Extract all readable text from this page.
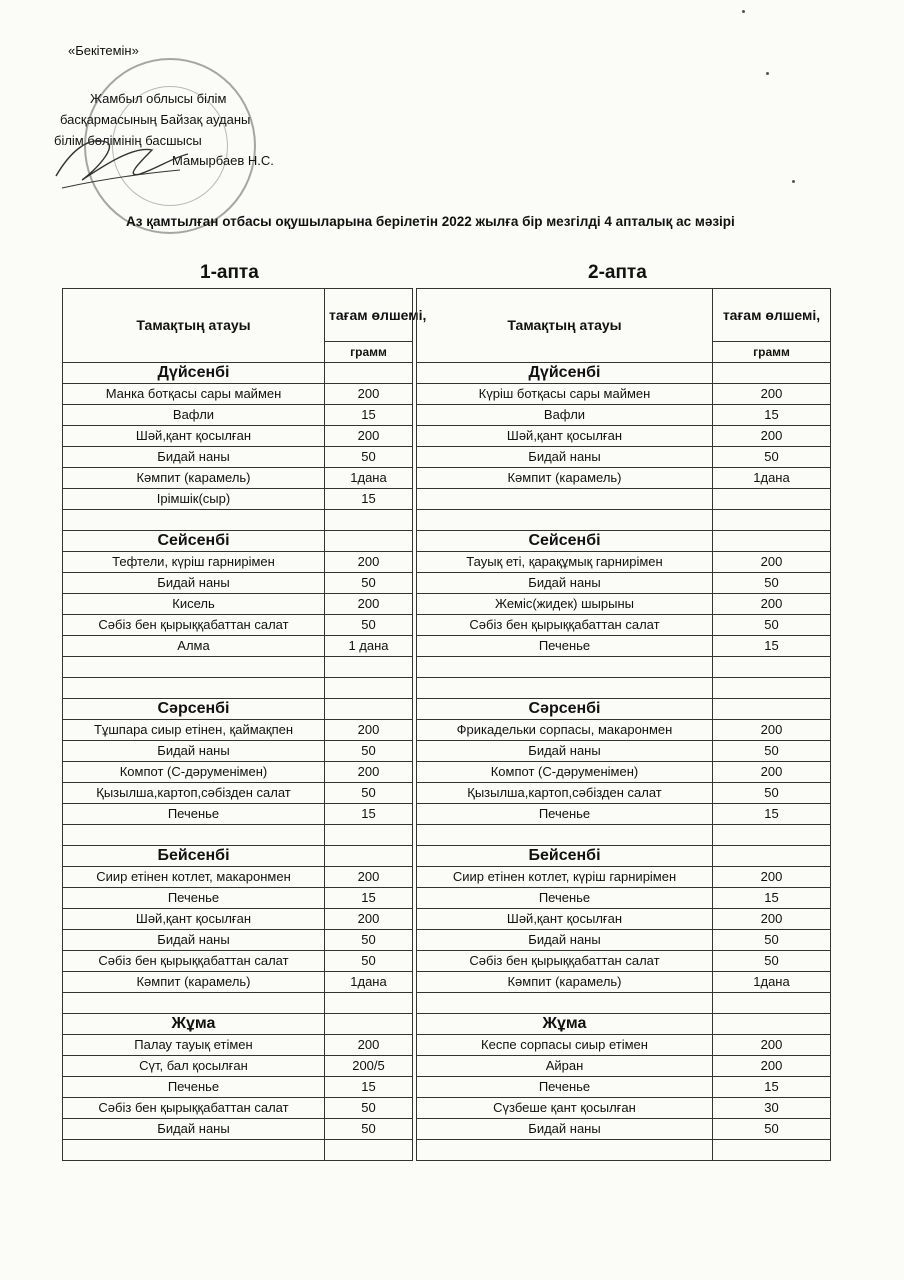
«Бекітемін»
Жамбыл облысы білім
басқармасының Байзақ ауданы
білім бөлімінің басшысы
Мамырбаев Н.С.
Аз қамтылған отбасы оқушыларына берілетін 2022 жылға бір мезгілді 4 апталық ас мәзірі
1-апта	2-апта
Тамақтың атауы	тағам өлшемі,
	грамм
Дүйсенбі	
Манка ботқасы сары маймен	200
Вафли	15
Шәй,қант қосылған	200
Бидай наны	50
Кәмпит (карамель)	1дана
Ірімшік(сыр)	15

Сейсенбі	
Тефтели, күріш гарнирімен	200
Бидай наны	50
Кисель	200
Сәбіз бен қырыққабаттан салат	50
Алма	1 дана

Сәрсенбі	
Тұшпара сиыр етінен, қаймақпен	200
Бидай наны	50
Компот (С-дәруменімен)	200
Қызылша,картоп,сәбізден салат	50
Печенье	15

Бейсенбі	
Сиир етінен котлет, макаронмен	200
Печенье	15
Шәй,қант қосылған	200
Бидай наны	50
Сәбіз бен қырыққабаттан салат	50
Кәмпит (карамель)	1дана

Жұма	
Палау тауық етімен	200
Сүт, бал қосылған	200/5
Печенье	15
Сәбіз бен қырыққабаттан салат	50
Бидай наны	50

Тамақтың атауы	тағам өлшемі,
	грамм
Дүйсенбі	
Күріш ботқасы сары маймен	200
Вафли	15
Шәй,қант қосылған	200
Бидай наны	50
Кәмпит (карамель)	1дана

Сейсенбі	
Тауық еті, қарақұмық гарнирімен	200
Бидай наны	50
Жеміс(жидек) шырыны	200
Сәбіз бен қырыққабаттан салат	50
Печенье	15

Сәрсенбі	
Фрикадельки сорпасы, макаронмен	200
Бидай наны	50
Компот (С-дәруменімен)	200
Қызылша,картоп,сәбізден салат	50
Печенье	15

Бейсенбі	
Сиир етінен котлет, күріш гарнирімен	200
Печенье	15
Шәй,қант қосылған	200
Бидай наны	50
Сәбіз бен қырыққабаттан салат	50
Кәмпит (карамель)	1дана

Жұма	
Кеспе сорпасы сиыр етімен	200
Айран	200
Печенье	15
Сүзбеше қант қосылған	30
Бидай наны	50
